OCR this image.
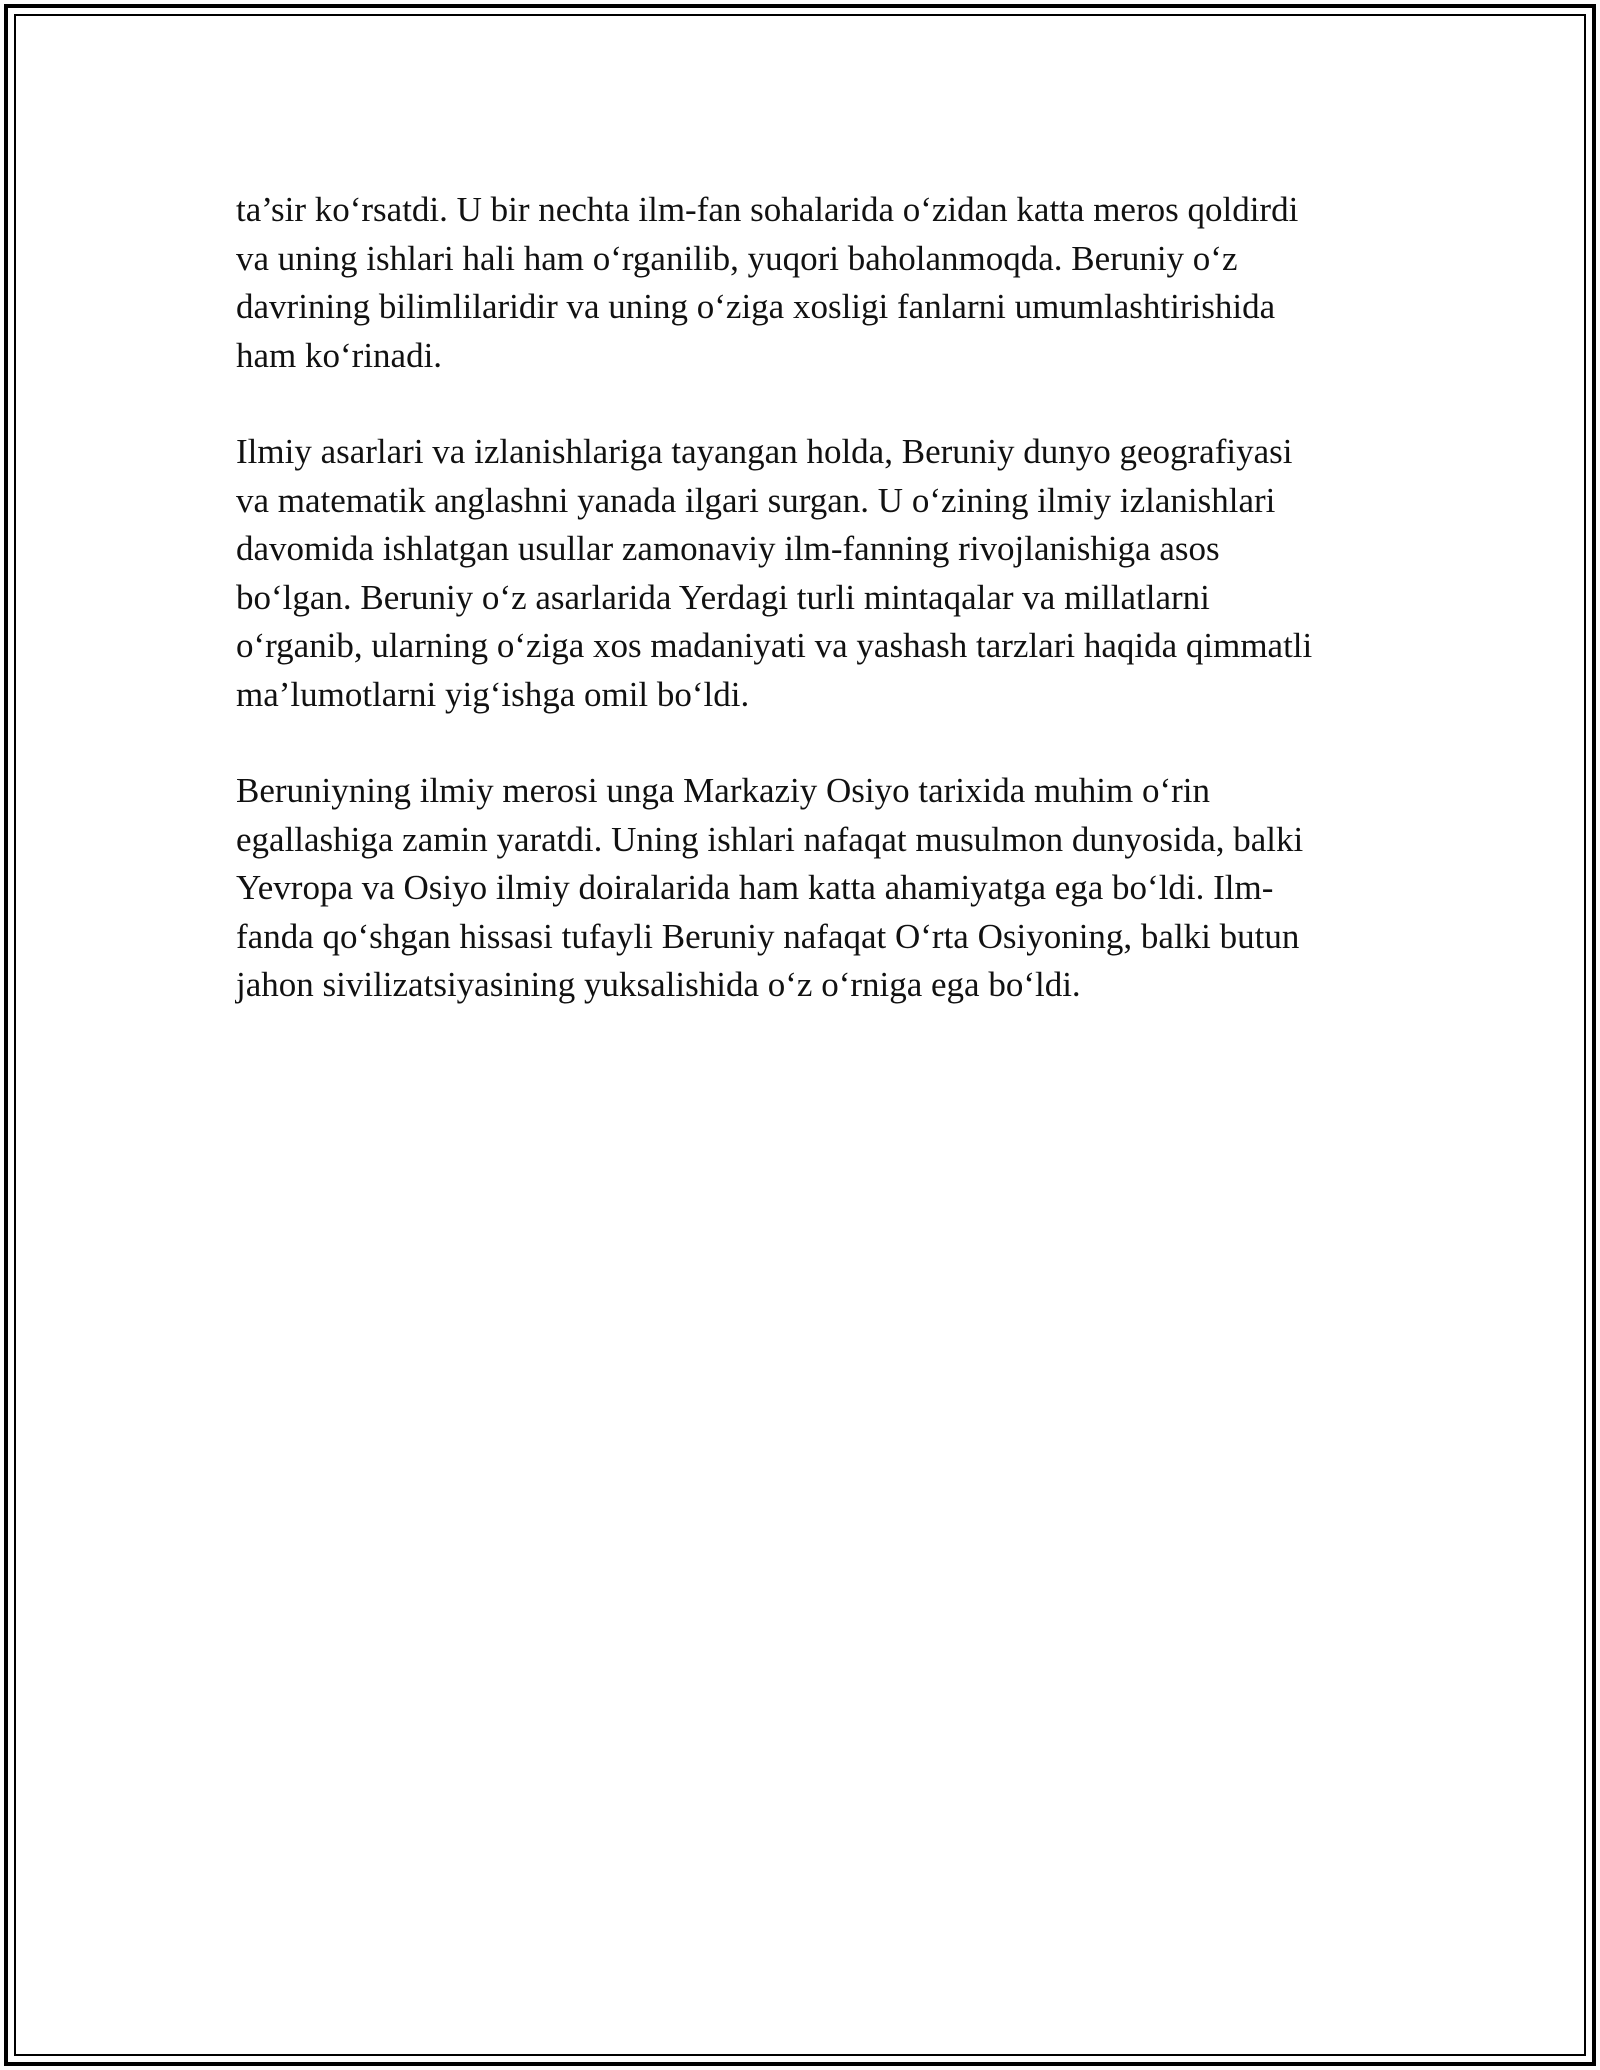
ta’sir ko‘rsatdi. U bir nechta ilm-fan sohalarida o‘zidan katta meros qoldirdi
va uning ishlari hali ham o‘rganilib, yuqori baholanmoqda. Beruniy o‘z
davrining bilimlilaridir va uning o‘ziga xosligi fanlarni umumlashtirishida
ham ko‘rinadi.

Ilmiy asarlari va izlanishlariga tayangan holda, Beruniy dunyo geografiyasi
va matematik anglashni yanada ilgari surgan. U o‘zining ilmiy izlanishlari
davomida ishlatgan usullar zamonaviy ilm-fanning rivojlanishiga asos
bo‘lgan. Beruniy o‘z asarlarida Yerdagi turli mintaqalar va millatlarni
o‘rganib, ularning o‘ziga xos madaniyati va yashash tarzlari haqida qimmatli
ma’lumotlarni yig‘ishga omil bo‘ldi.

Beruniyning ilmiy merosi unga Markaziy Osiyo tarixida muhim o‘rin
egallashiga zamin yaratdi. Uning ishlari nafaqat musulmon dunyosida, balki
Yevropa va Osiyo ilmiy doiralarida ham katta ahamiyatga ega bo‘ldi. Ilm-
fanda qo‘shgan hissasi tufayli Beruniy nafaqat O‘rta Osiyoning, balki butun
jahon sivilizatsiyasining yuksalishida o‘z o‘rniga ega bo‘ldi.
